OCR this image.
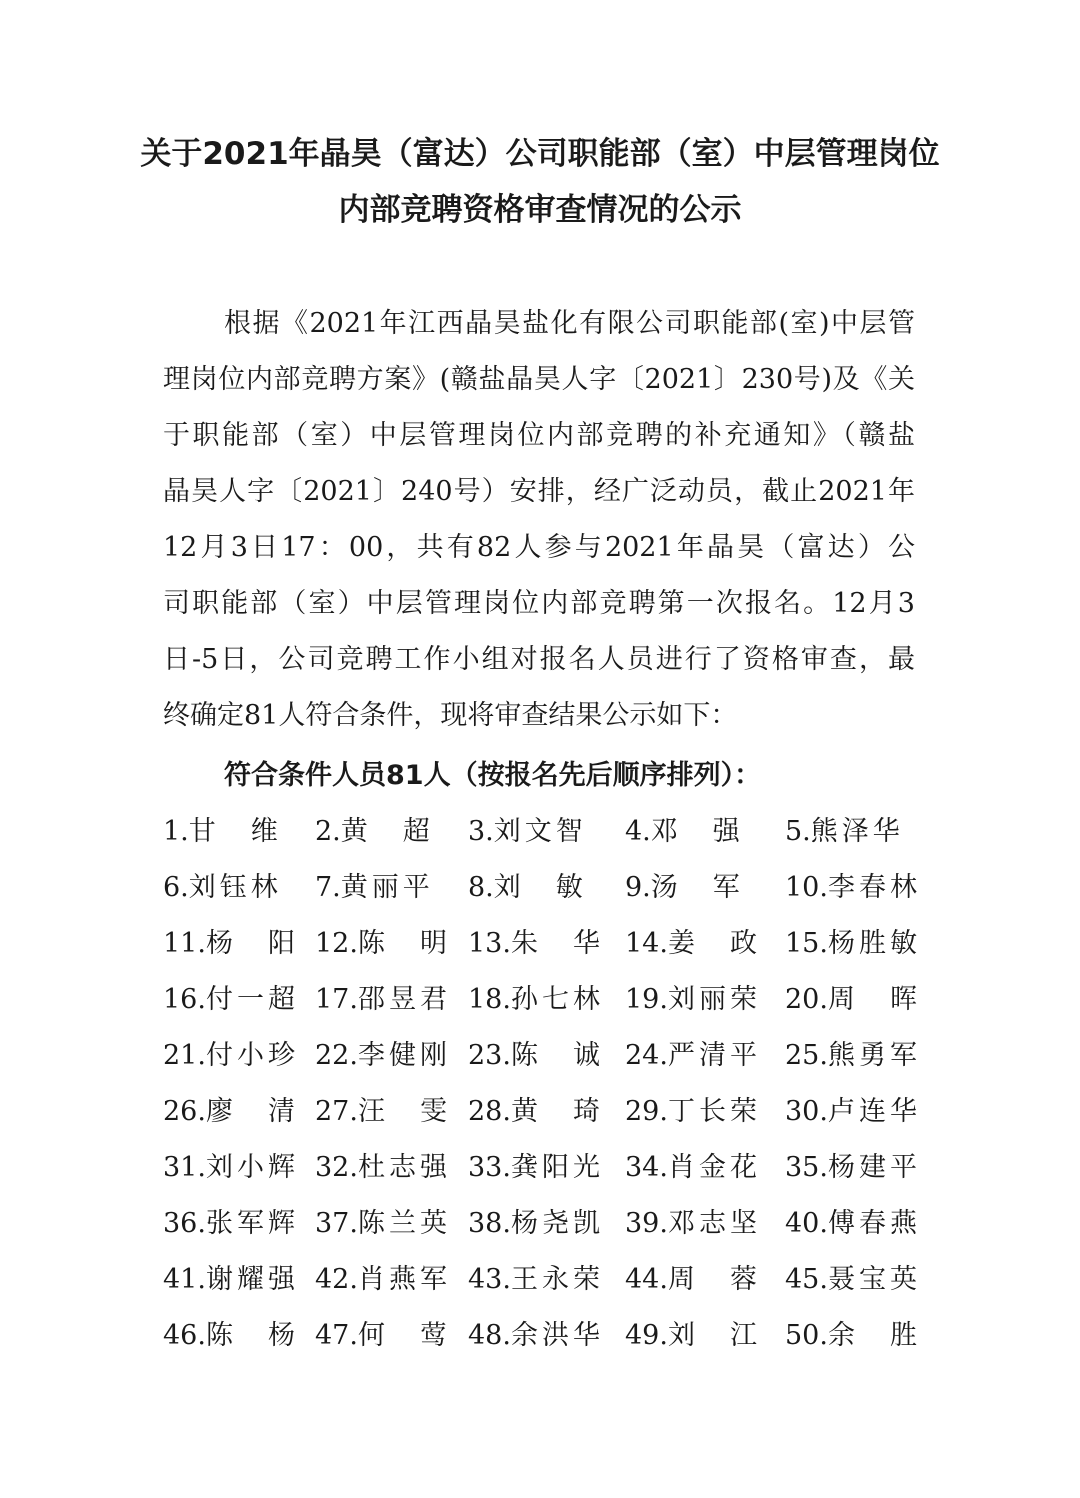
关于2021年晶昊（富达）公司职能部（室）中层管理岗位
内部竞聘资格审查情况的公示
根据《2021年江西晶昊盐化有限公司职能部(室)中层管
理岗位内部竞聘方案》(赣盐晶昊人字〔2021〕230号)及《关
于职能部（室）中层管理岗位内部竞聘的补充通知》（赣盐
晶昊人字〔2021〕240号）安排，经广泛动员，截止2021年
12月3日17：00，共有82人参与2021年晶昊（富达）公
司职能部（室）中层管理岗位内部竞聘第一次报名。12月3
日-5日，公司竞聘工作小组对报名人员进行了资格审查，最
终确定81人符合条件，现将审查结果公示如下：
符合条件人员81人（按报名先后顺序排列）：
1.甘　维 2.黄　超 3.刘文智 4.邓　强 5.熊泽华
6.刘钰林 7.黄丽平 8.刘　敏 9.汤　军 10.李春林
11.杨　阳 12.陈　明 13.朱　华 14.姜　政 15.杨胜敏
16.付一超 17.邵昱君 18.孙七林 19.刘丽荣 20.周　晖
21.付小珍 22.李健刚 23.陈　诚 24.严清平 25.熊勇军
26.廖　清 27.汪　雯 28.黄　琦 29.丁长荣 30.卢连华
31.刘小辉 32.杜志强 33.龚阳光 34.肖金花 35.杨建平
36.张军辉 37.陈兰英 38.杨尧凯 39.邓志坚 40.傅春燕
41.谢耀强 42.肖燕军 43.王永荣 44.周　蓉 45.聂宝英
46.陈　杨 47.何　莺 48.余洪华 49.刘　江 50.余　胜
